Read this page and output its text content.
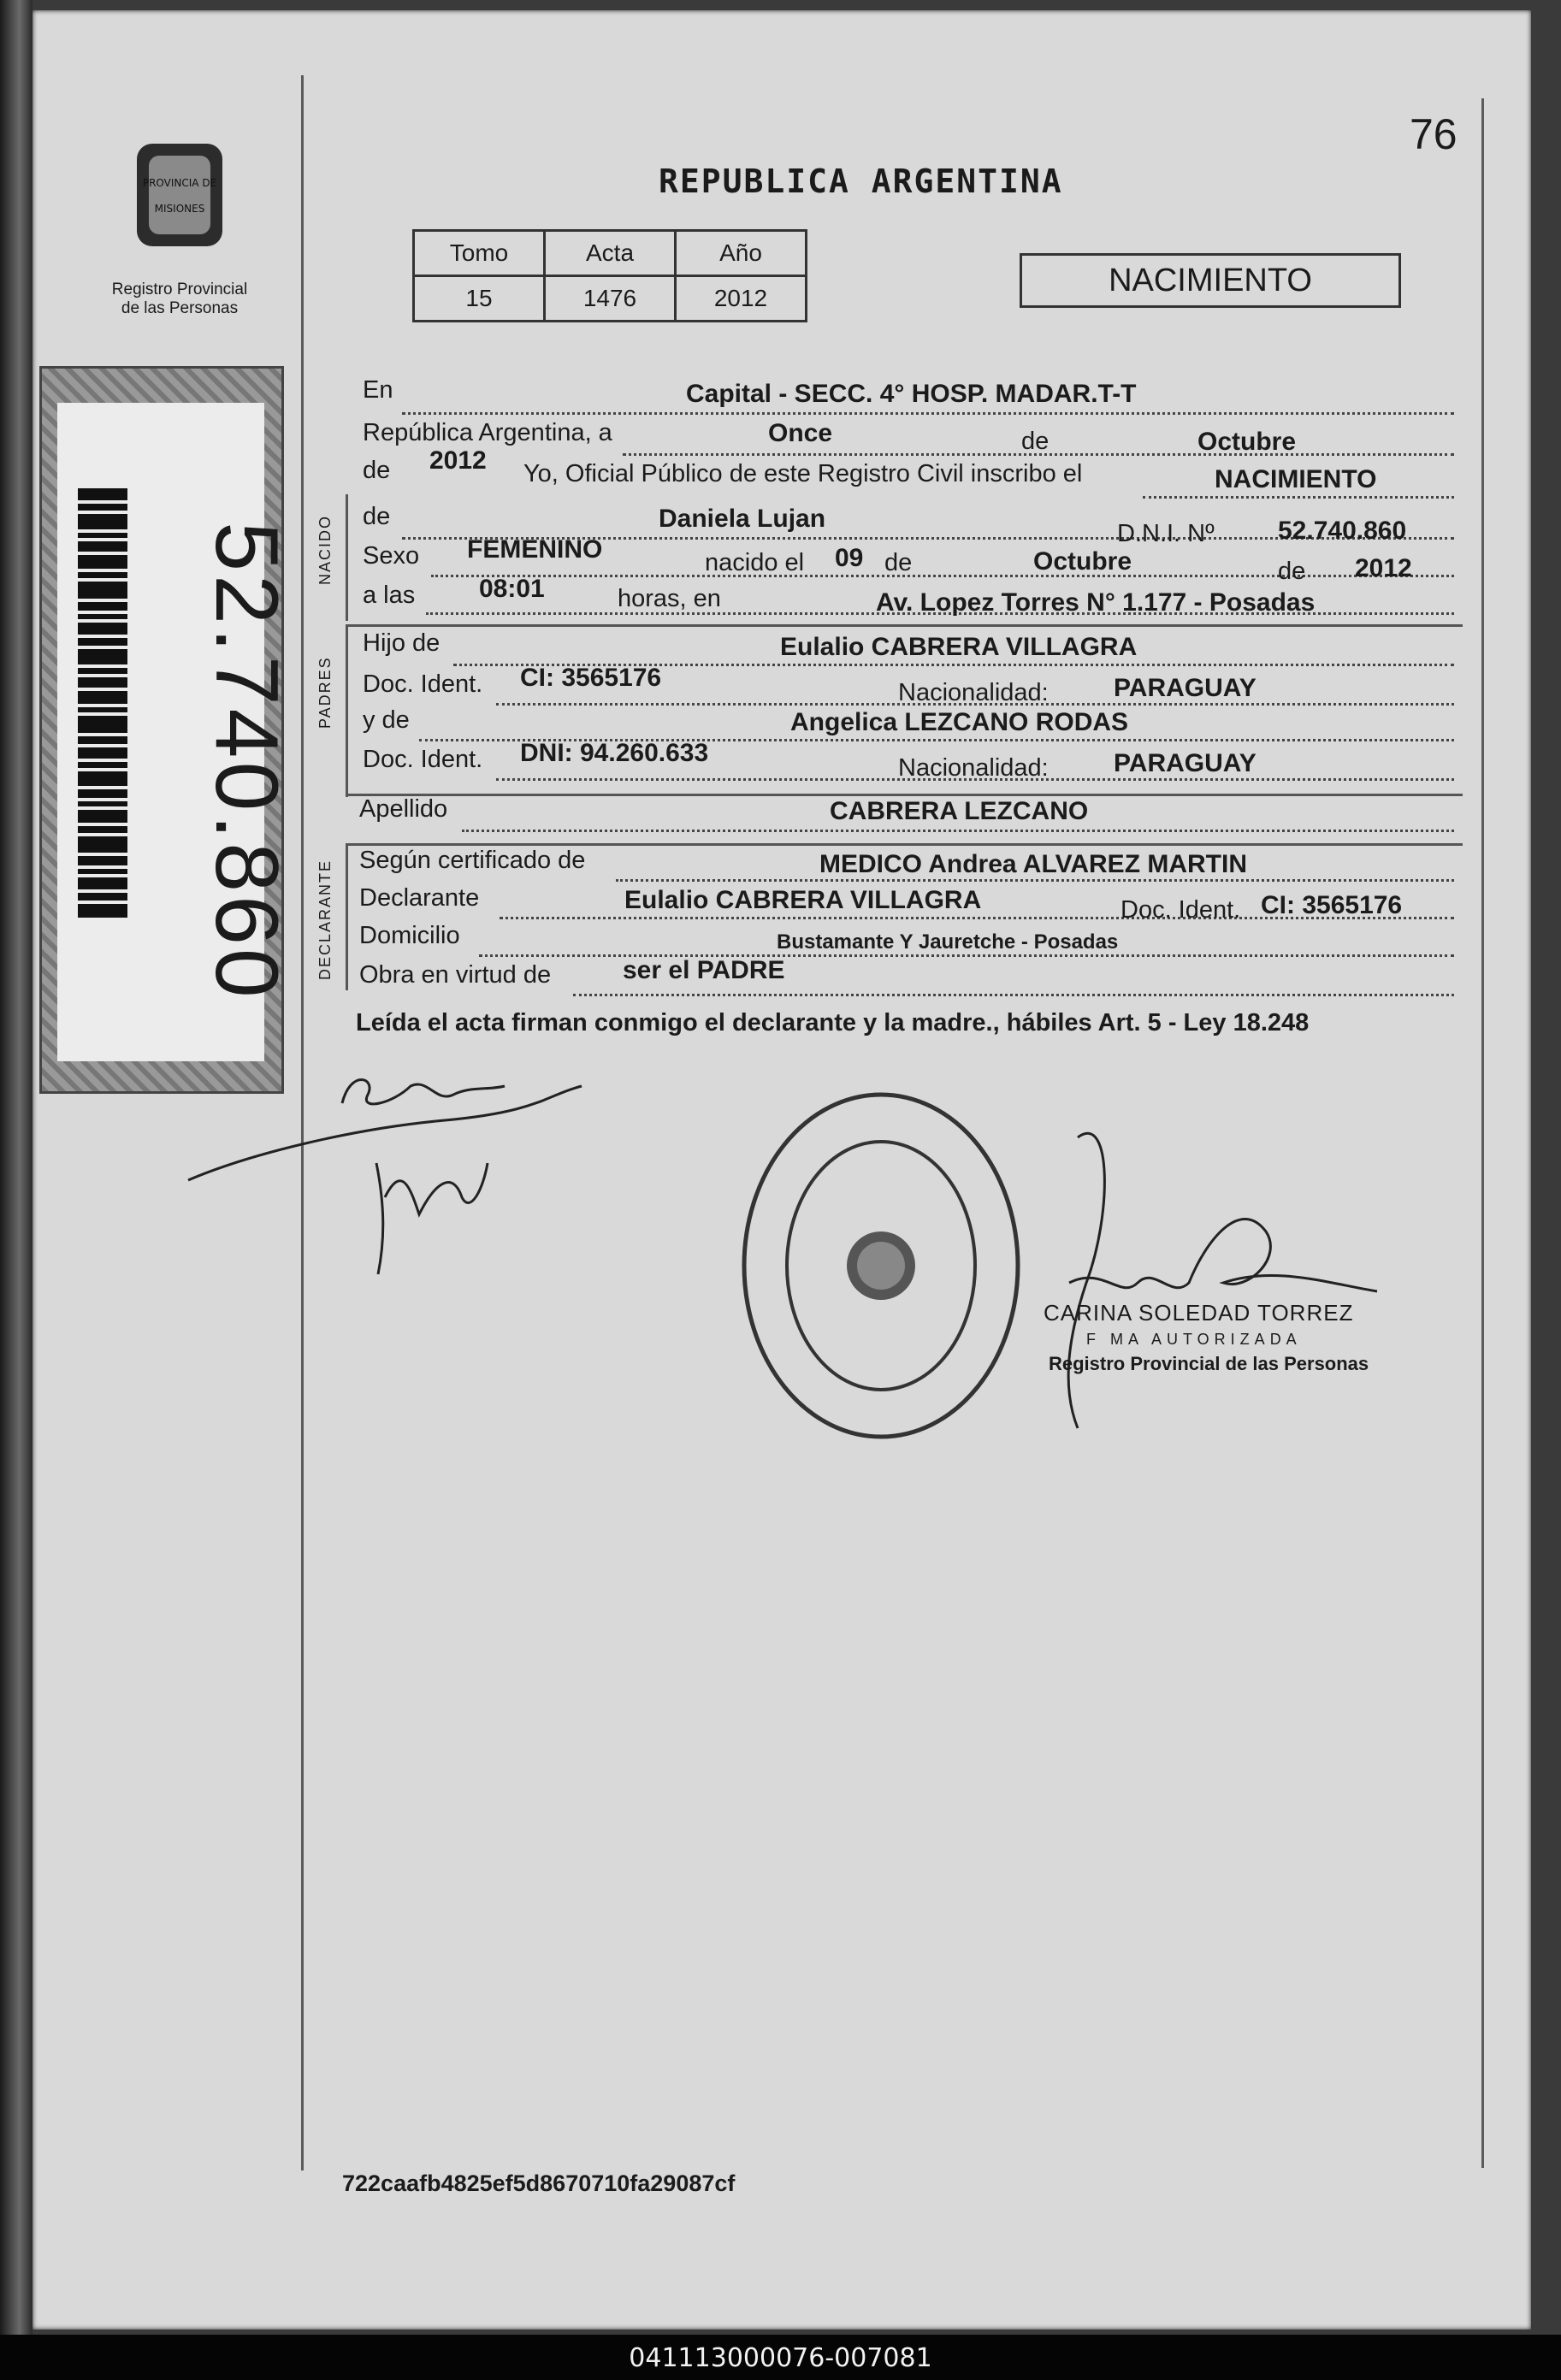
76
PROVINCIA DE
MISIONES
Registro Provincial
de las Personas
REPUBLICA ARGENTINA
Tomo	Acta	Año
15	1476	2012	NACIMIENTO
52.740.860 NACIDO
PADRES
DECLARANTE
En	Capital - SECC. 4° HOSP. MADAR.T-T
República Argentina, a	Once	de	Octubre
de 2012 Yo, Oficial Público de este Registro Civil inscribo el	NACIMIENTO
de	Daniela Lujan
D.N.I. Nº 52.740.860
Sexo FEMENINO	nacido el 09 de	Octubre	de 2012
a las 08:01	horas, en	Av. Lopez Torres N° 1.177 - Posadas
Hijo de	Eulalio CABRERA VILLAGRA
Doc. Ident. CI: 3565176
Nacionalidad:	PARAGUAY
y de	Angelica LEZCANO RODAS
Doc. Ident. DNI: 94.260.633
Nacionalidad:	PARAGUAY
Apellido	CABRERA LEZCANO
Según certificado de	MEDICO Andrea ALVAREZ MARTIN
Declarante	Eulalio CABRERA VILLAGRA	Doc. Ident. CI: 3565176
Domicilio	Bustamante Y Jauretche - Posadas
Obra en virtud de	ser el PADRE
Leída el acta firman conmigo el declarante y la madre., hábiles Art. 5 - Ley 18.248
CARINA SOLEDAD TORREZ
F MA AUTORIZADA
Registro Provincial de las Personas
722caafb4825ef5d8670710fa29087cf
041113000076-007081
